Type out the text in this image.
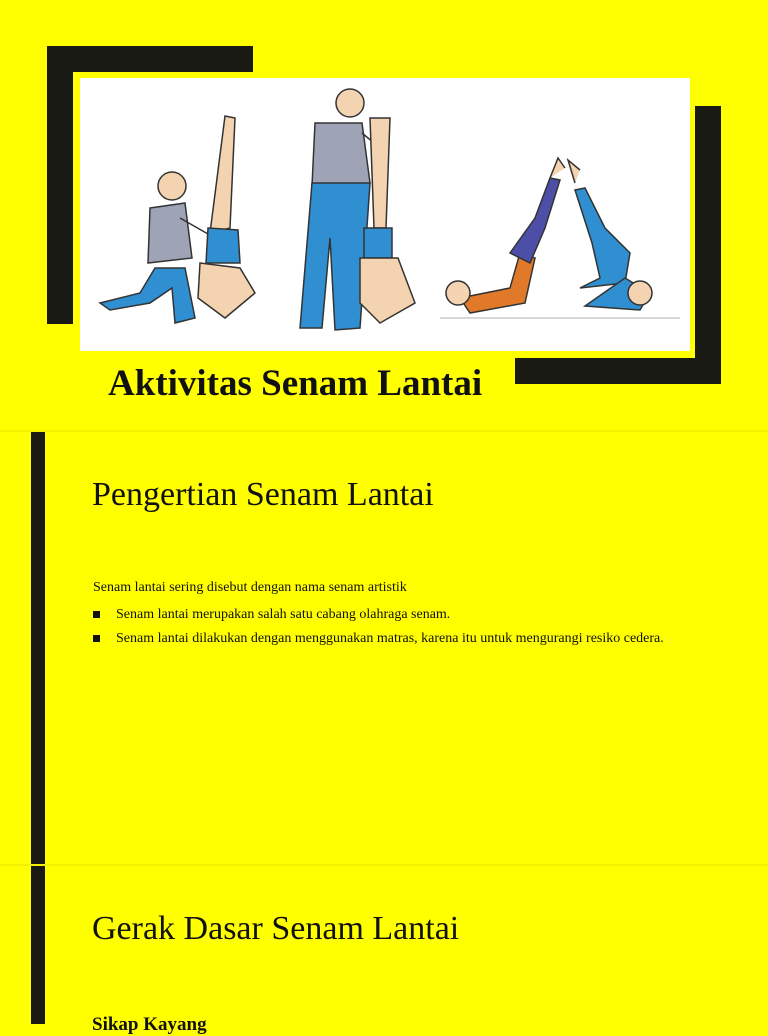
Aktivitas Senam Lantai
Pengertian Senam Lantai

Senam lantai sering disebut dengan nama senam artistik

Senam lantai merupakan salah satu cabang olahraga senam.
Senam lantai dilakukan dengan menggunakan matras, karena itu untuk mengurangi resiko cedera.
Gerak Dasar Senam Lantai
Sikap Kayang
